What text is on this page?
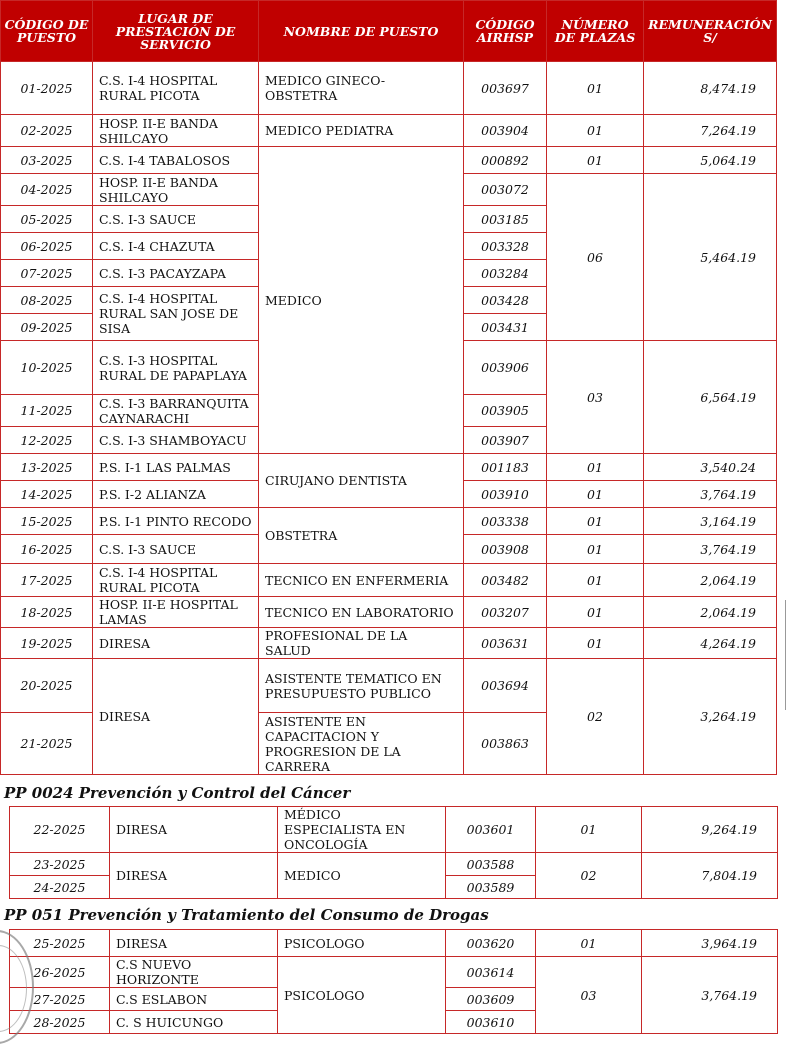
CÓDIGO DE PUESTO	LUGAR DE PRESTACIÓN DE SERVICIO	NOMBRE DE PUESTO	CÓDIGO AIRHSP	NÚMERO DE PLAZAS	REMUNERACIÓN S/
01-2025	C.S. I-4 HOSPITAL RURAL PICOTA	MEDICO GINECO-OBSTETRA	003697	01	8,474.19
02-2025	HOSP. II-E BANDA SHILCAYO	MEDICO PEDIATRA	003904	01	7,264.19
03-2025	C.S. I-4 TABALOSOS	MEDICO	000892	01	5,064.19
04-2025	HOSP. II-E BANDA SHILCAYO		003072	06	5,464.19
05-2025	C.S. I-3 SAUCE		003185		
06-2025	C.S. I-4 CHAZUTA		003328		
07-2025	C.S. I-3 PACAYZAPA		003284		
08-2025	C.S. I-4 HOSPITAL RURAL SAN JOSE DE SISA		003428		
09-2025			003431		
10-2025	C.S. I-3 HOSPITAL RURAL DE PAPAPLAYA		003906	03	6,564.19
11-2025	C.S. I-3 BARRANQUITA CAYNARACHI		003905		
12-2025	C.S. I-3 SHAMBOYACU		003907		
13-2025	P.S. I-1 LAS PALMAS	CIRUJANO DENTISTA	001183	01	3,540.24
14-2025	P.S. I-2 ALIANZA		003910	01	3,764.19
15-2025	P.S. I-1 PINTO RECODO	OBSTETRA	003338	01	3,164.19
16-2025	C.S. I-3 SAUCE		003908	01	3,764.19
17-2025	C.S. I-4 HOSPITAL RURAL PICOTA	TECNICO EN ENFERMERIA	003482	01	2,064.19
18-2025	HOSP. II-E HOSPITAL LAMAS	TECNICO EN LABORATORIO	003207	01	2,064.19
19-2025	DIRESA	PROFESIONAL DE LA SALUD	003631	01	4,264.19
20-2025	DIRESA	ASISTENTE TEMATICO EN PRESUPUESTO PUBLICO	003694	02	3,264.19
21-2025		ASISTENTE EN CAPACITACION Y PROGRESION DE LA CARRERA	003863		
PP 0024 Prevención y Control del Cáncer
22-2025	DIRESA	MÉDICO ESPECIALISTA EN ONCOLOGÍA	003601	01	9,264.19
23-2025	DIRESA	MEDICO	003588	02	7,804.19
24-2025			003589		
PP 051 Prevención y Tratamiento del Consumo de Drogas
25-2025	DIRESA	PSICOLOGO	003620	01	3,964.19
26-2025	C.S NUEVO HORIZONTE	PSICOLOGO	003614	03	3,764.19
27-2025	C.S ESLABON		003609		
28-2025	C. S HUICUNGO		003610		
